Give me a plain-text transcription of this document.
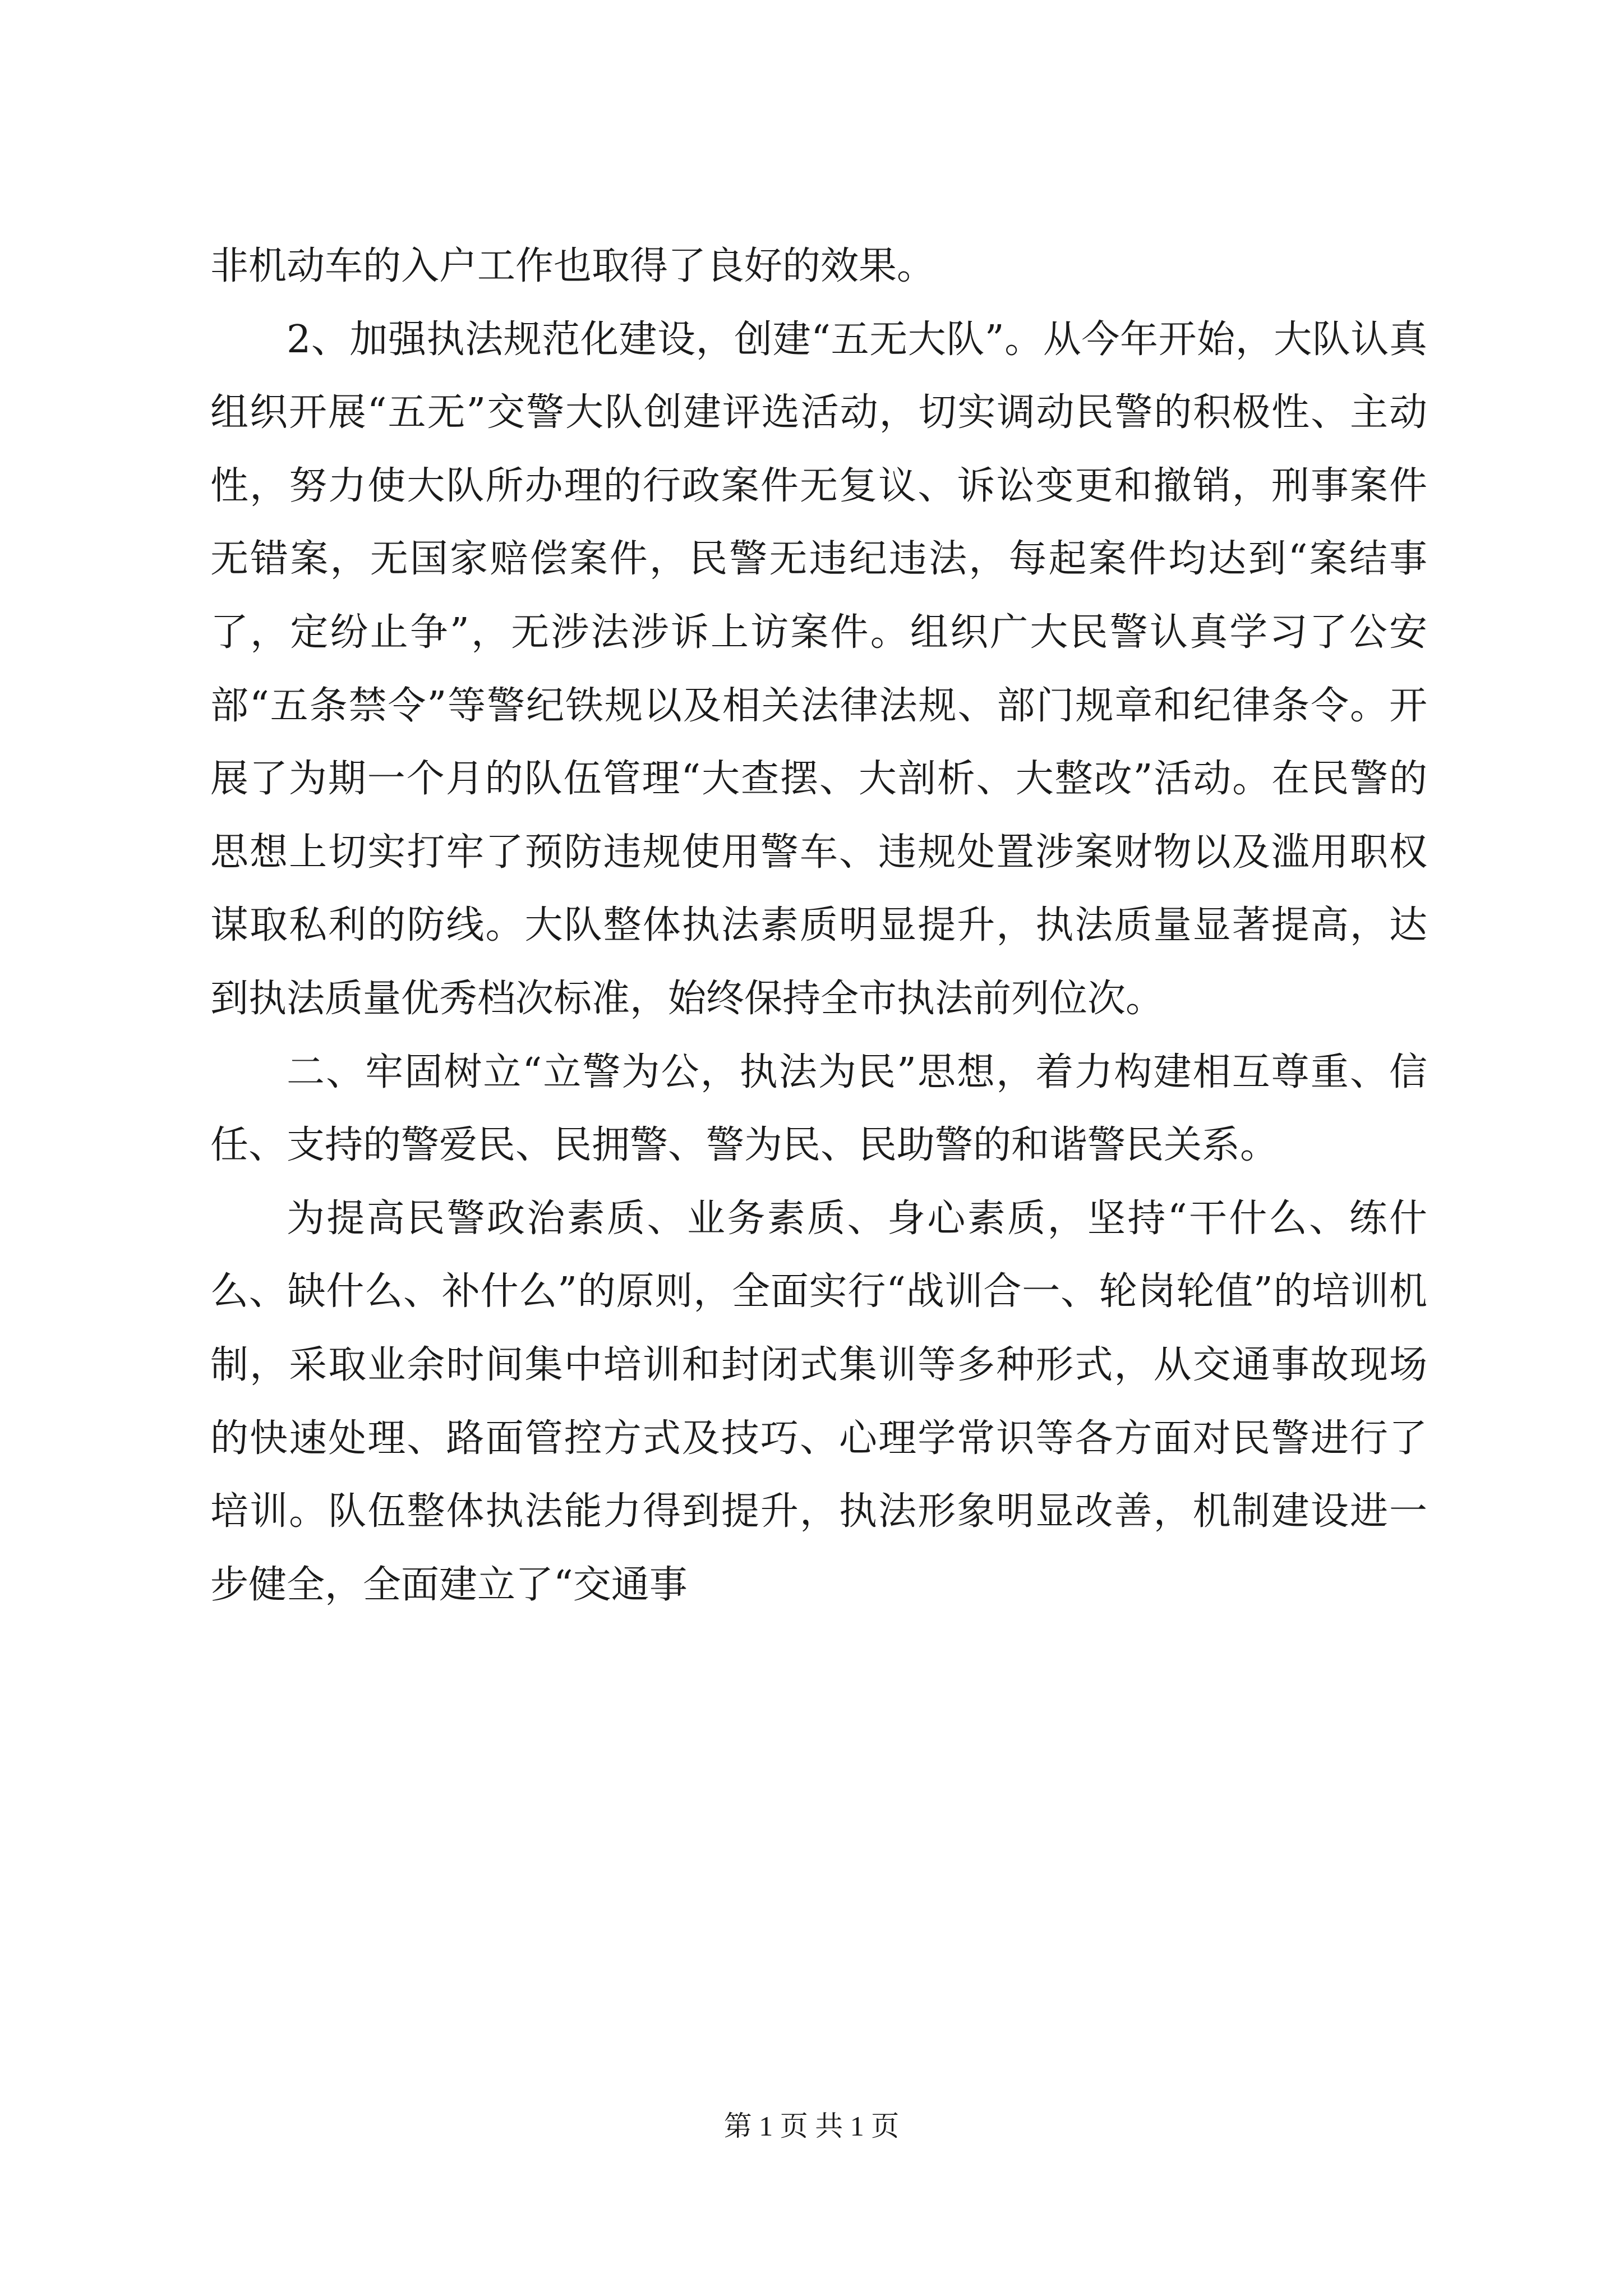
非机动车的入户工作也取得了良好的效果。

2、加强执法规范化建设，创建“五无大队”。从今年开始，大队认真组织开展“五无”交警大队创建评选活动，切实调动民警的积极性、主动性，努力使大队所办理的行政案件无复议、诉讼变更和撤销，刑事案件无错案，无国家赔偿案件，民警无违纪违法，每起案件均达到“案结事了，定纷止争”，无涉法涉诉上访案件。组织广大民警认真学习了公安部“五条禁令”等警纪铁规以及相关法律法规、部门规章和纪律条令。开展了为期一个月的队伍管理“大查摆、大剖析、大整改”活动。在民警的思想上切实打牢了预防违规使用警车、违规处置涉案财物以及滥用职权谋取私利的防线。大队整体执法素质明显提升，执法质量显著提高，达到执法质量优秀档次标准，始终保持全市执法前列位次。

二、牢固树立“立警为公，执法为民”思想，着力构建相互尊重、信任、支持的警爱民、民拥警、警为民、民助警的和谐警民关系。

为提高民警政治素质、业务素质、身心素质，坚持“干什么、练什么、缺什么、补什么”的原则，全面实行“战训合一、轮岗轮值”的培训机制，采取业余时间集中培训和封闭式集训等多种形式，从交通事故现场的快速处理、路面管控方式及技巧、心理学常识等各方面对民警进行了培训。队伍整体执法能力得到提升，执法形象明显改善，机制建设进一步健全，全面建立了“交通事

第 1 页 共 1 页
